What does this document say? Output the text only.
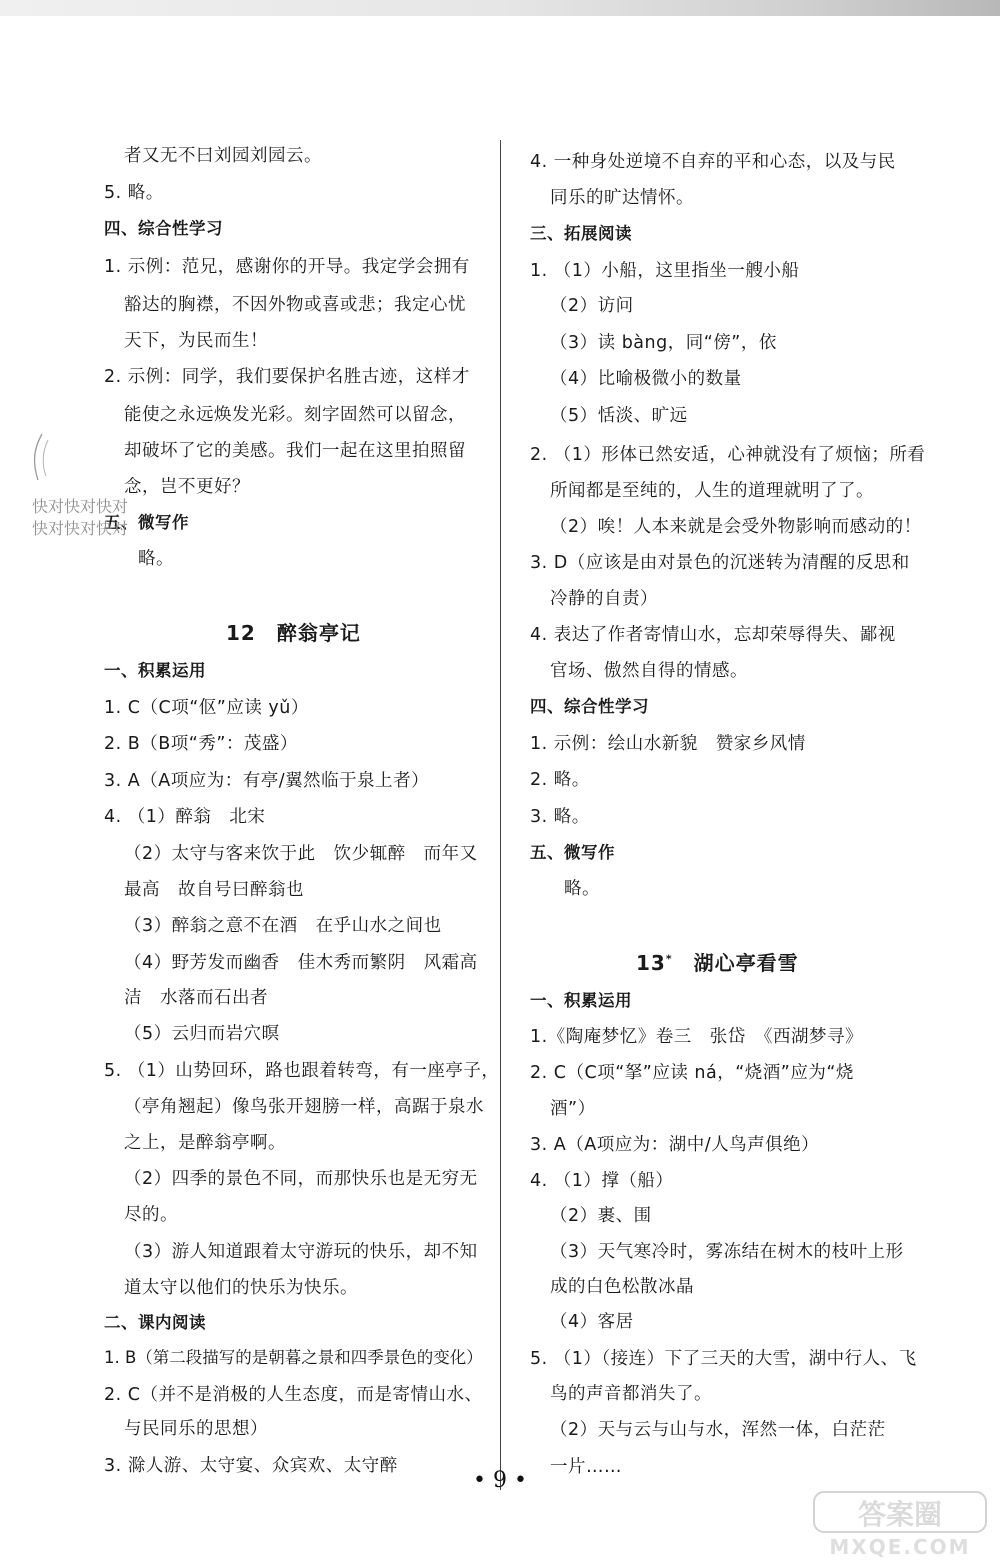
者又无不曰刘园刘园云。
5. 略。
四、综合性学习
1. 示例：范兄，感谢你的开导。我定学会拥有
豁达的胸襟，不因外物或喜或悲；我定心忧
天下，为民而生！
2. 示例：同学，我们要保护名胜古迹，这样才
能使之永远焕发光彩。刻字固然可以留念，
却破坏了它的美感。我们一起在这里拍照留
念，岂不更好？
五、微写作
略。
12　醉翁亭记
一、积累运用
1. C（C项“伛”应读 yǔ）
2. B（B项“秀”：茂盛）
3. A（A项应为：有亭/翼然临于泉上者）
4. （1）醉翁　北宋
（2）太守与客来饮于此　饮少辄醉　而年又
最高　故自号曰醉翁也
（3）醉翁之意不在酒　在乎山水之间也
（4）野芳发而幽香　佳木秀而繁阴　风霜高
洁　水落而石出者
（5）云归而岩穴暝
5. （1）山势回环，路也跟着转弯，有一座亭子，
（亭角翘起）像鸟张开翅膀一样，高踞于泉水
之上，是醉翁亭啊。
（2）四季的景色不同，而那快乐也是无穷无
尽的。
（3）游人知道跟着太守游玩的快乐，却不知
道太守以他们的快乐为快乐。
二、课内阅读
1. B（第二段描写的是朝暮之景和四季景色的变化）
2. C（并不是消极的人生态度，而是寄情山水、
与民同乐的思想）
3. 滁人游、太守宴、众宾欢、太守醉
4. 一种身处逆境不自弃的平和心态，以及与民
同乐的旷达情怀。
三、拓展阅读
1. （1）小船，这里指坐一艘小船
（2）访问
（3）读 bàng，同“傍”，依
（4）比喻极微小的数量
（5）恬淡、旷远
2. （1）形体已然安适，心神就没有了烦恼；所看
所闻都是至纯的，人生的道理就明了了。
（2）唉！人本来就是会受外物影响而感动的！
3. D（应该是由对景色的沉迷转为清醒的反思和
冷静的自责）
4. 表达了作者寄情山水，忘却荣辱得失、鄙视
官场、傲然自得的情感。
四、综合性学习
1. 示例：绘山水新貌　赞家乡风情
2. 略。
3. 略。
五、微写作
略。
13*　湖心亭看雪
一、积累运用
1.《陶庵梦忆》卷三　张岱　《西湖梦寻》
2. C（C项“拏”应读 ná，“烧酒”应为“烧
酒”）
3. A（A项应为：湖中/人鸟声俱绝）
4. （1）撑（船）
（2）裹、围
（3）天气寒冷时，雾冻结在树木的枝叶上形
成的白色松散冰晶
（4）客居
5. （1）（接连）下了三天的大雪，湖中行人、飞
鸟的声音都消失了。
（2）天与云与山与水，浑然一体，白茫茫
一片……
快对快对快对
快对快对快对
• 9 •
答案圈
MXQE.COM
